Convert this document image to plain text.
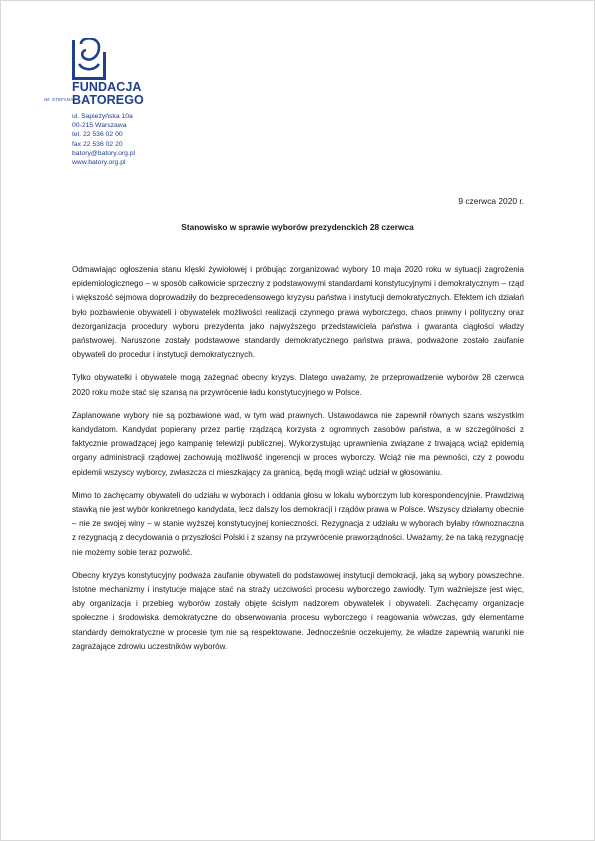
FUNDACJA
BATOREGO
IM. STEFANA
ul. Sapieżyńska 10a
00-215 Warszawa
tel. 22 536 02 00
fax 22 536 02 20
batory@batory.org.pl
www.batory.org.pl
9 czerwca 2020 r.
Stanowisko w sprawie wyborów prezydenckich 28 czerwca

Odmawiając ogłoszenia stanu klęski żywiołowej i próbując zorganizować wybory 10 maja 2020 roku w sytuacji zagrożenia epidemiologicznego – w sposób całkowicie sprzeczny z podstawowymi standardami konstytucyjnymi i demokratycznym – rząd i większość sejmowa doprowadziły do bezprecedensowego kryzysu państwa i instytucji demokratycznych. Efektem ich działań było pozbawienie obywateli i obywatelek możliwości realizacji czynnego prawa wyborczego, chaos prawny i polityczny oraz dezorganizacja procedury wyboru prezydenta jako najwyższego przedstawiciela państwa i gwaranta ciągłości władzy państwowej. Naruszone zostały podstawowe standardy demokratycznego państwa prawa, podważone zostało zaufanie obywateli do procedur i instytucji demokratycznych.

Tylko obywatelki i obywatele mogą zażegnać obecny kryzys. Dlatego uważamy, że przeprowadzenie wyborów 28 czerwca 2020 roku może stać się szansą na przywrócenie ładu konstytucyjnego w Polsce.

Zaplanowane wybory nie są pozbawione wad, w tym wad prawnych. Ustawodawca nie zapewnił równych szans wszystkim kandydatom. Kandydat popierany przez partię rządzącą korzysta z ogromnych zasobów państwa, a w szczególności z faktycznie prowadzącej jego kampanię telewizji publicznej. Wykorzystując uprawnienia związane z trwającą wciąż epidemią organy administracji rządowej zachowują możliwość ingerencji w proces wyborczy. Wciąż nie ma pewności, czy z powodu epidemii wszyscy wyborcy, zwłaszcza ci mieszkający za granicą, będą mogli wziąć udział w głosowaniu.

Mimo to zachęcamy obywateli do udziału w wyborach i oddania głosu w lokalu wyborczym lub korespondencyjnie. Prawdziwą stawką nie jest wybór konkretnego kandydata, lecz dalszy los demokracji i rządów prawa w Polsce. Wszyscy działamy obecnie – nie ze swojej winy – w stanie wyższej konstytucyjnej konieczności. Rezygnacja z udziału w wyborach byłaby równoznaczna z rezygnacją z decydowania o przyszłości Polski i z szansy na przywrócenie praworządności. Uważamy, że na taką rezygnację nie możemy sobie teraz pozwolić.

Obecny kryzys konstytucyjny podważa zaufanie obywateli do podstawowej instytucji demokracji, jaką są wybory powszechne. Istotne mechanizmy i instytucje mające stać na straży uczciwości procesu wyborczego zawiodły. Tym ważniejsze jest więc, aby organizacja i przebieg wyborów zostały objęte ścisłym nadzorem obywatelek i obywateli. Zachęcamy organizacje społeczne i środowiska demokratyczne do obserwowania procesu wyborczego i reagowania wówczas, gdy elementarne standardy demokratyczne w procesie tym nie są respektowane. Jednocześnie oczekujemy, że władze zapewnią warunki nie zagrażające zdrowiu uczestników wyborów.
